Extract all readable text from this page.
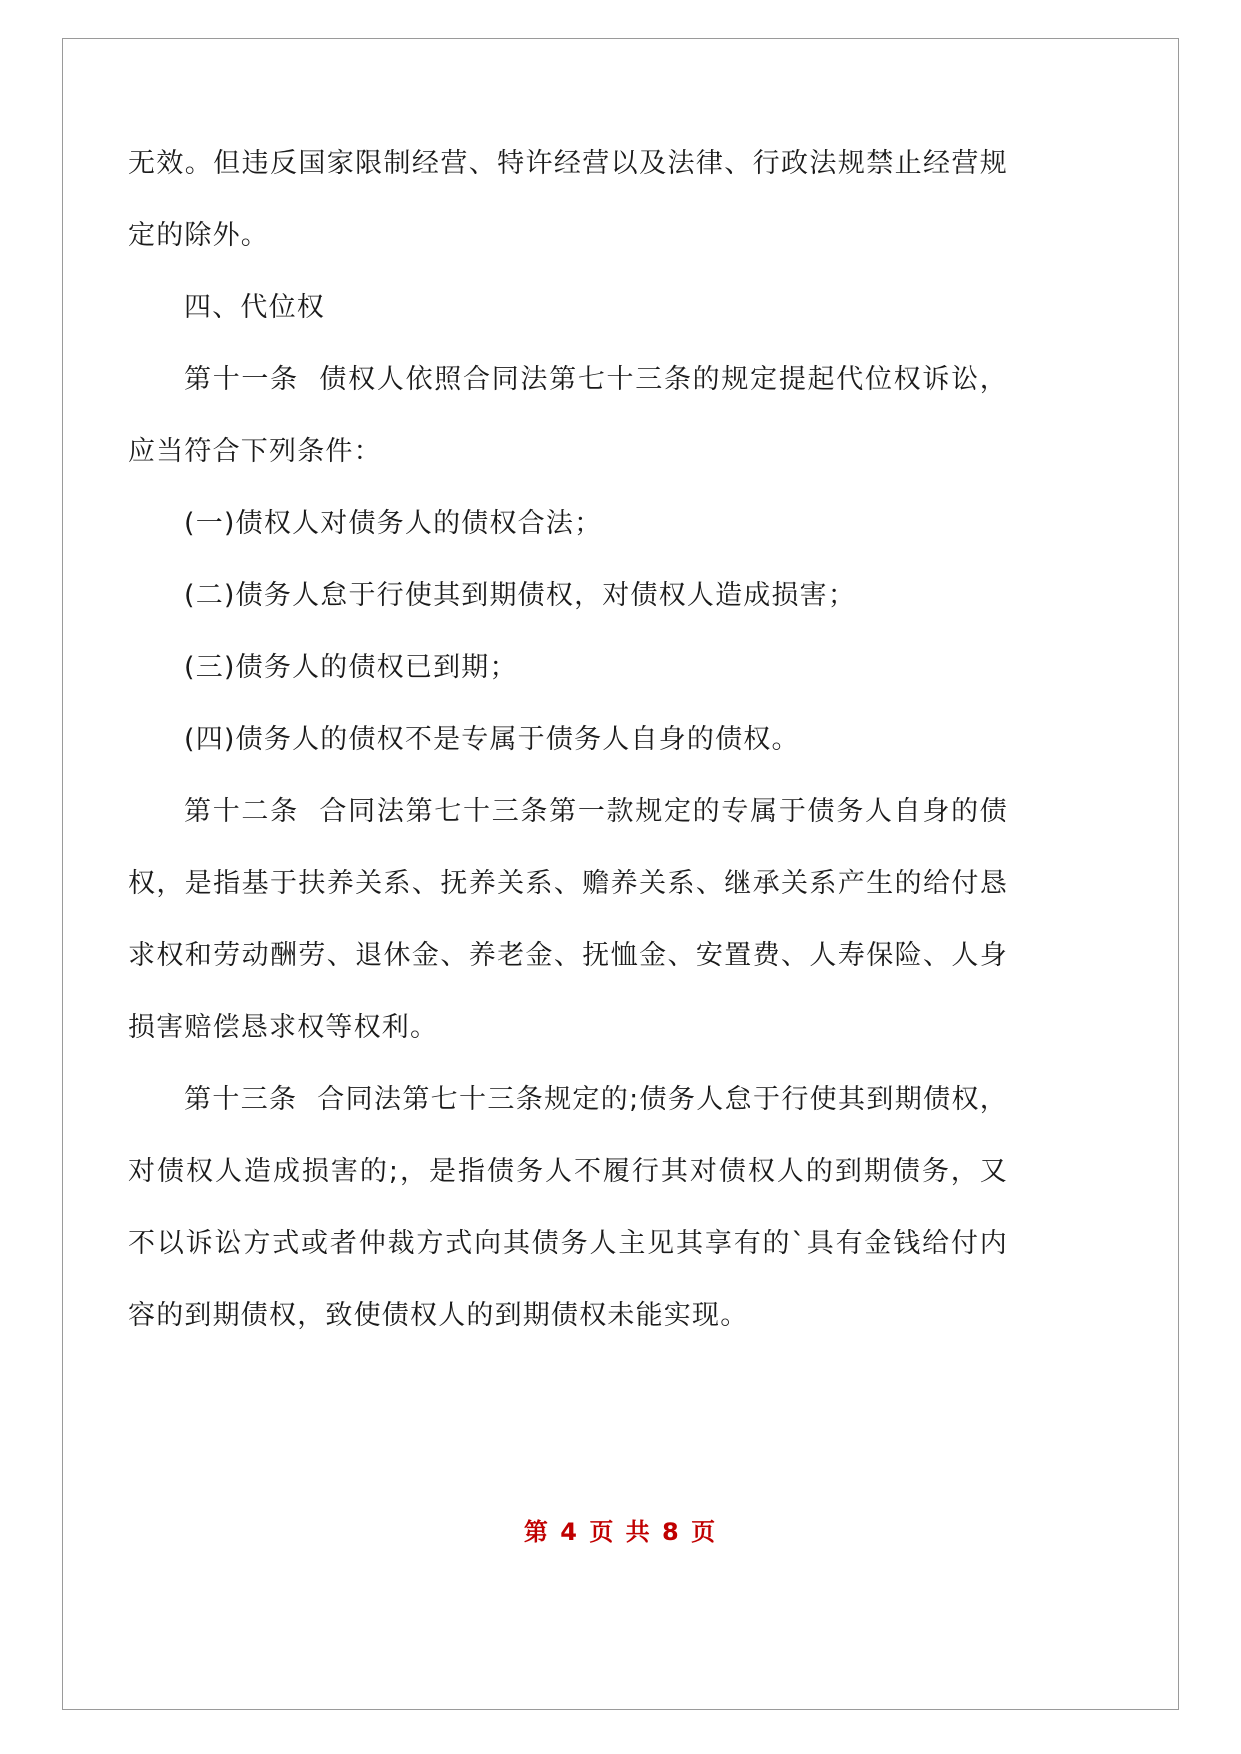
无效。但违反国家限制经营、特许经营以及法律、行政法规禁止经营规定的除外。

四、代位权

第十一条  债权人依照合同法第七十三条的规定提起代位权诉讼，应当符合下列条件：

(一)债权人对债务人的债权合法；

(二)债务人怠于行使其到期债权，对债权人造成损害；

(三)债务人的债权已到期；

(四)债务人的债权不是专属于债务人自身的债权。

第十二条  合同法第七十三条第一款规定的专属于债务人自身的债权，是指基于扶养关系、抚养关系、赡养关系、继承关系产生的给付恳求权和劳动酬劳、退休金、养老金、抚恤金、安置费、人寿保险、人身损害赔偿恳求权等权利。

第十三条  合同法第七十三条规定的;债务人怠于行使其到期债权，对债权人造成损害的;，是指债务人不履行其对债权人的到期债务，又不以诉讼方式或者仲裁方式向其债务人主见其享有的`具有金钱给付内容的到期债权，致使债权人的到期债权未能实现。

第 4 页 共 8 页
